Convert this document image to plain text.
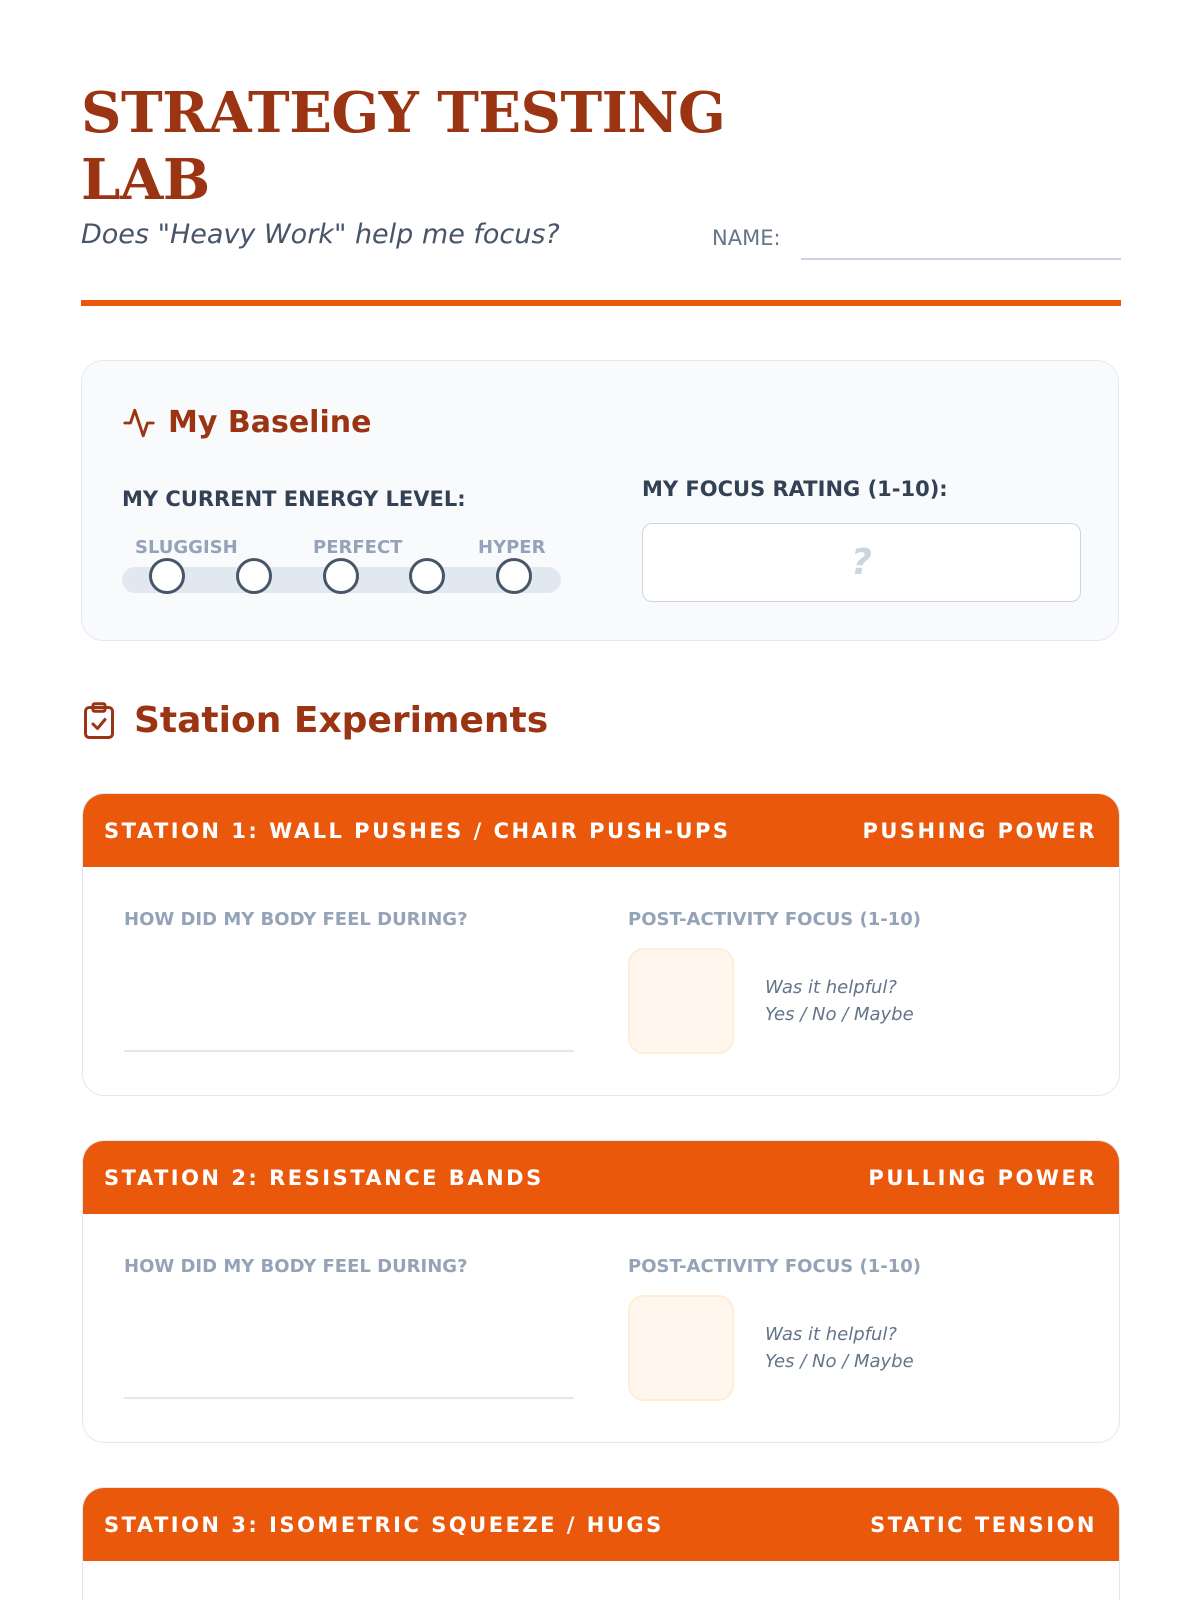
STRATEGY TESTING LAB
Does "Heavy Work" help me focus?	NAME:
My Baseline
MY CURRENT ENERGY LEVEL:
SLUGGISH	PERFECT	HYPER
MY FOCUS RATING (1-10):
?
Station Experiments
STATION 1: WALL PUSHES / CHAIR PUSH-UPS	PUSHING POWER
HOW DID MY BODY FEEL DURING?	POST-ACTIVITY FOCUS (1-10)
Was it helpful?
Yes / No / Maybe
STATION 2: RESISTANCE BANDS	PULLING POWER
HOW DID MY BODY FEEL DURING?	POST-ACTIVITY FOCUS (1-10)
Was it helpful?
Yes / No / Maybe
STATION 3: ISOMETRIC SQUEEZE / HUGS	STATIC TENSION
